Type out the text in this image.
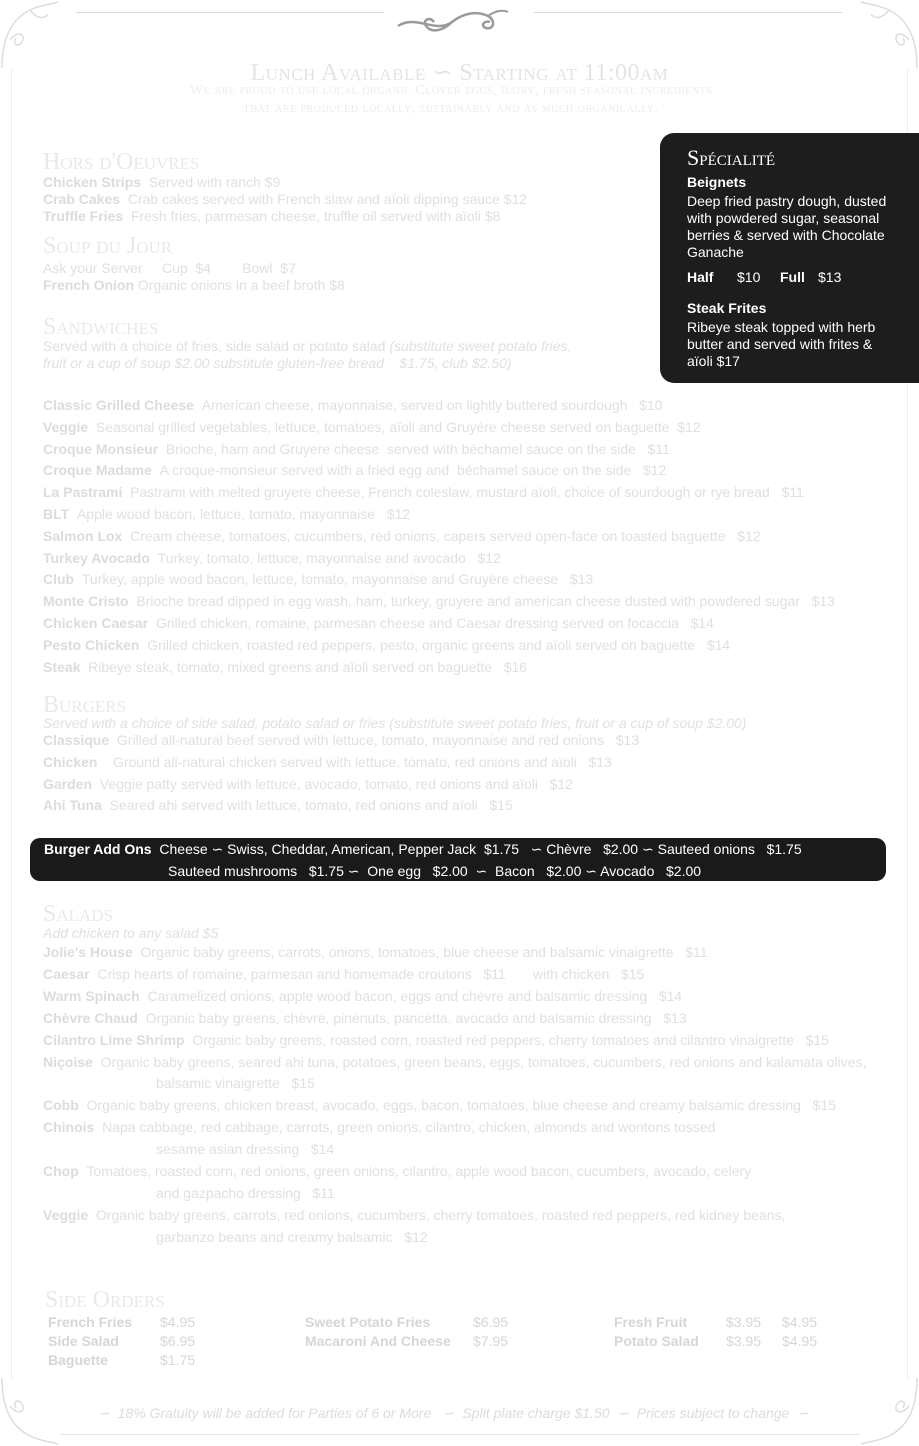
Lunch Available ∽ Starting at 11:00am
We are proud to use local organic Clover eggs, dairy, fresh seasonal ingredients
that are produced locally, sustainably and as much organically.
Spécialité
Beignets
Deep fried pastry dough, dusted with powdered sugar, seasonal berries & served with Chocolate Ganache
Half $10	Full $13
Steak Frites
Ribeye steak topped with herb butter and served with frites & aïoli $17
Hors d'Oeuvres
Chicken Strips Served with ranch $9
Crab Cakes Crab cakes served with French slaw and aïoli dipping sauce $12
Truffle Fries Fresh fries, parmesan cheese, truffle oil served with aïoli $8
Soup du Jour
Ask your Server     Cup  $4        Bowl  $7
French Onion Organic onions in a beef broth $8
Sandwiches
Served with a choice of fries, side salad or potato salad (substitute sweet potato fries,
fruit or a cup of soup $2.00 substitute gluten-free bread    $1.75, club $2.50)
Classic Grilled Cheese American cheese, mayonnaise, served on lightly buttered sourdough   $10
Veggie Seasonal grilled vegetables, lettuce, tomatoes, aïoli and Gruyère cheese served on baguette  $12
Croque Monsieur Brioche, ham and Gruyere cheese  served with béchamel sauce on the side   $11
Croque Madame A croque-monsieur served with a fried egg and  béchamel sauce on the side   $12
La Pastrami Pastrami with melted gruyere cheese, French coleslaw, mustard aïoli, choice of sourdough or rye bread   $11
BLT Apple wood bacon, lettuce, tomato, mayonnaise   $12
Salmon Lox Cream cheese, tomatoes, cucumbers, red onions, capers served open-face on toasted baguette   $12
Turkey Avocado Turkey, tomato, lettuce, mayonnaise and avocado   $12
Club Turkey, apple wood bacon, lettuce, tomato, mayonnaise and Gruyère cheese   $13
Monte Cristo Brioche bread dipped in egg wash, ham, turkey, gruyere and american cheese dusted with powdered sugar   $13
Chicken Caesar Grilled chicken, romaine, parmesan cheese and Caesar dressing served on focaccia   $14
Pesto Chicken Grilled chicken, roasted red peppers, pesto, organic greens and aïoli served on baguette   $14
Steak Ribeye steak, tomato, mixed greens and aïoli served on baguette   $16
Burgers
Served with a choice of side salad, potato salad or fries (substitute sweet potato fries, fruit or a cup of soup $2.00)
Classique Grilled all-natural beef served with lettuce, tomato, mayonnaise and red onions   $13
Chicken    Ground all-natural chicken served with lettuce, tomato, red onions and aïoli   $13
Garden Veggie patty served with lettuce, avocado, tomato, red onions and aïoli   $12
Ahi Tuna Seared ahi served with lettuce, tomato, red onions and aïoli   $15
Burger Add Ons Cheese ∽ Swiss, Cheddar, American, Pepper Jack  $1.75   ∽ Chèvre   $2.00 ∽ Sauteed onions   $1.75
Sauteed mushrooms   $1.75 ∽  One egg   $2.00  ∽  Bacon   $2.00 ∽ Avocado   $2.00
Salads
Add chicken to any salad $5
Jolie's House Organic baby greens, carrots, onions, tomatoes, blue cheese and balsamic vinaigrette   $11
Caesar Crisp hearts of romaine, parmesan and homemade croutons   $11       with chicken   $15
Warm Spinach Caramelized onions, apple wood bacon, eggs and chèvre and balsamic dressing   $14
Chèvre Chaud Organic baby greens, chèvre, pinenuts, pancetta, avocado and balsamic dressing   $13
Cilantro Lime Shrimp Organic baby greens, roasted corn, roasted red peppers, cherry tomatoes and cilantro vinaigrette   $15
Niçoise Organic baby greens, seared ahi tuna, potatoes, green beans, eggs, tomatoes, cucumbers, red onions and kalamata olives,
balsamic vinaigrette   $15
Cobb Organic baby greens, chicken breast, avocado, eggs, bacon, tomatoes, blue cheese and creamy balsamic dressing   $15
Chinois Napa cabbage, red cabbage, carrots, green onions, cilantro, chicken, almonds and wontons tossed
sesame asian dressing   $14
Chop Tomatoes, roasted corn, red onions, green onions, cilantro, apple wood bacon, cucumbers, avocado, celery
and gazpacho dressing   $11
Veggie Organic baby greens, carrots, red onions, cucumbers, cherry tomatoes, roasted red peppers, red kidney beans,
garbanzo beans and creamy balsamic   $12
Side Orders
French Fries $4.95
Side Salad	$6.95
Baguette	$1.75
Sweet Potato Fries	$6.95
Macaroni And Cheese $7.95
Fresh Fruit	$3.95 $4.95
Potato Salad $3.95 $4.95
∽  18% Gratuity will be added for Parties of 6 or More   ∽  Split plate charge $1.50  ∽  Prices subject to change  ∽
